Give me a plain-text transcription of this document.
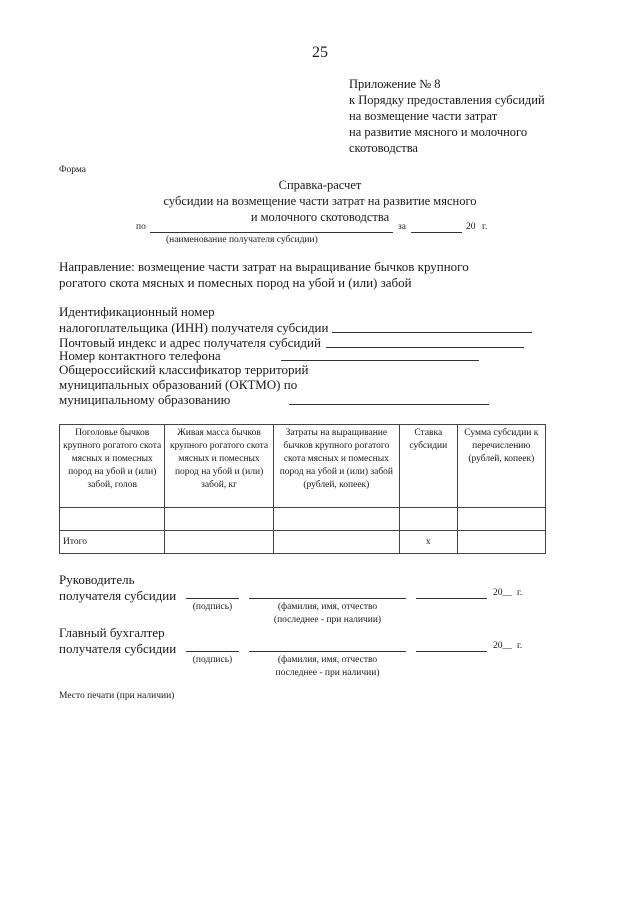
25
Приложение № 8
к Порядку предоставления субсидий
на возмещение части затрат
на развитие мясного и молочного
скотоводства
Форма
Справка-расчет
субсидии на возмещение части затрат на развитие мясного
и молочного скотоводства
по	за	20 г.
(наименование получателя субсидии)
Направление: возмещение части затрат на выращивание бычков крупного
рогатого скота мясных и помесных пород на убой и (или) забой
Идентификационный номер
налогоплательщика (ИНН) получателя субсидии
Почтовый индекс и адрес получателя субсидий
Номер контактного телефона
Общероссийский классификатор территорий
муниципальных образований (ОКТМО) по
муниципальному образованию
Поголовье бычков крупного рогатого скота мясных и помесных пород на убой и (или) забой, голов	Живая масса бычков крупного рогатого скота мясных и помесных пород на убой и (или) забой, кг	Затраты на выращивание бычков крупного рогатого скота мясных и помесных пород на убой и (или) забой (рублей, копеек)	Ставка субсидии	Сумма субсидии к перечислению (рублей, копеек)

Итого			х	
Руководитель
получателя субсидии	20__ г.
(подпись)	(фамилия, имя, отчество
(последнее - при наличии)
Главный бухгалтер
получателя субсидии	20__ г.
(подпись)	(фамилия, имя, отчество
последнее - при наличии)
Место печати (при наличии)
